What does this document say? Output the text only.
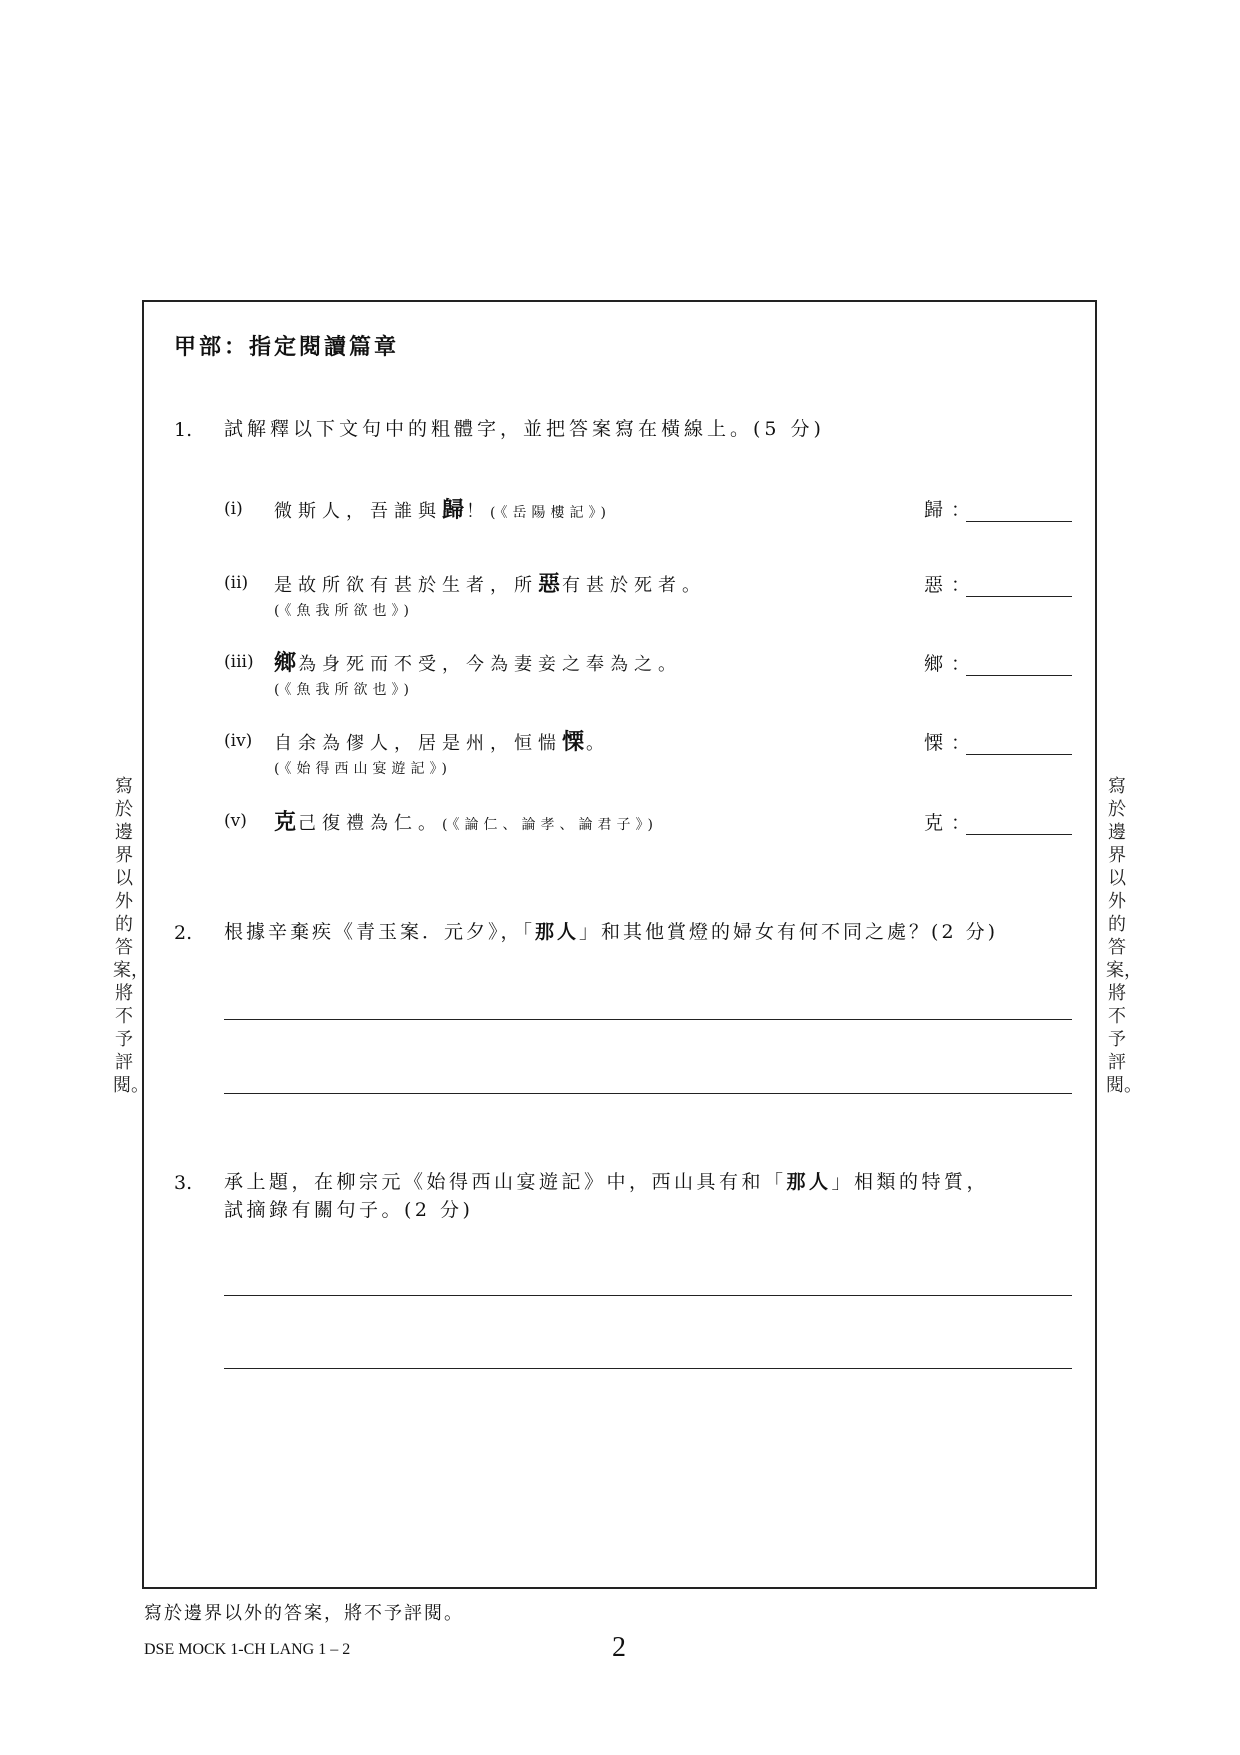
寫於邊界以外的答案，將不予評閱。
寫於邊界以外的答案，將不予評閱。
甲部：指定閱讀篇章
1. 試解釋以下文句中的粗體字，並把答案寫在橫線上。(5 分)
(i) 微斯人，吾誰與歸！(《岳陽樓記》)	歸：
(ii) 是故所欲有甚於生者，所惡有甚於死者。
(《魚我所欲也》)
惡：
(iii) 鄉為身死而不受，今為妻妾之奉為之。
(《魚我所欲也》)
鄉：
(iv) 自余為僇人，居是州，恒惴慄。
(《始得西山宴遊記》)
慄：
(v) 克己復禮為仁。(《論仁、論孝、論君子》)	克：
2. 根據辛棄疾《青玉案．元夕》，「那人」和其他賞燈的婦女有何不同之處？(2 分)
3. 承上題，在柳宗元《始得西山宴遊記》中，西山具有和「那人」相類的特質，
試摘錄有關句子。(2 分)
寫於邊界以外的答案，將不予評閱。
DSE MOCK 1-CH LANG 1 – 2	2
